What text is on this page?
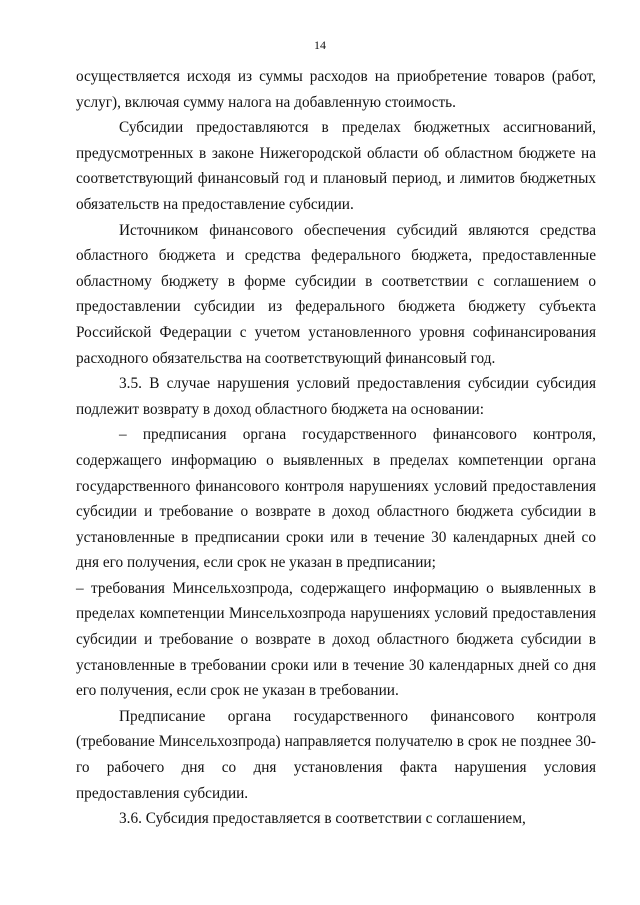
14

осуществляется исходя из суммы расходов на приобретение товаров (работ, услуг), включая сумму налога на добавленную стоимость.

Субсидии предоставляются в пределах бюджетных ассигнований, предусмотренных в законе Нижегородской области об областном бюджете на соответствующий финансовый год и плановый период, и лимитов бюджетных обязательств на предоставление субсидии.

Источником финансового обеспечения субсидий являются средства областного бюджета и средства федерального бюджета, предоставленные областному бюджету в форме субсидии в соответствии с соглашением о предоставлении субсидии из федерального бюджета бюджету субъекта Российской Федерации с учетом установленного уровня софинансирования расходного обязательства на соответствующий финансовый год.

3.5. В случае нарушения условий предоставления субсидии субсидия подлежит возврату в доход областного бюджета на основании:

– предписания органа государственного финансового контроля, содержащего информацию о выявленных в пределах компетенции органа государственного финансового контроля нарушениях условий предоставления субсидии и требование о возврате в доход областного бюджета субсидии в установленные в предписании сроки или в течение 30 календарных дней со дня его получения, если срок не указан в предписании;

– требования Минсельхозпрода, содержащего информацию о выявленных в пределах компетенции Минсельхозпрода нарушениях условий предоставления субсидии и требование о возврате в доход областного бюджета субсидии в установленные в требовании сроки или в течение 30 календарных дней со дня его получения, если срок не указан в требовании.

Предписание органа государственного финансового контроля (требование Минсельхозпрода) направляется получателю в срок не позднее 30-го рабочего дня со дня установления факта нарушения условия предоставления субсидии.

3.6. Субсидия предоставляется в соответствии с соглашением,
